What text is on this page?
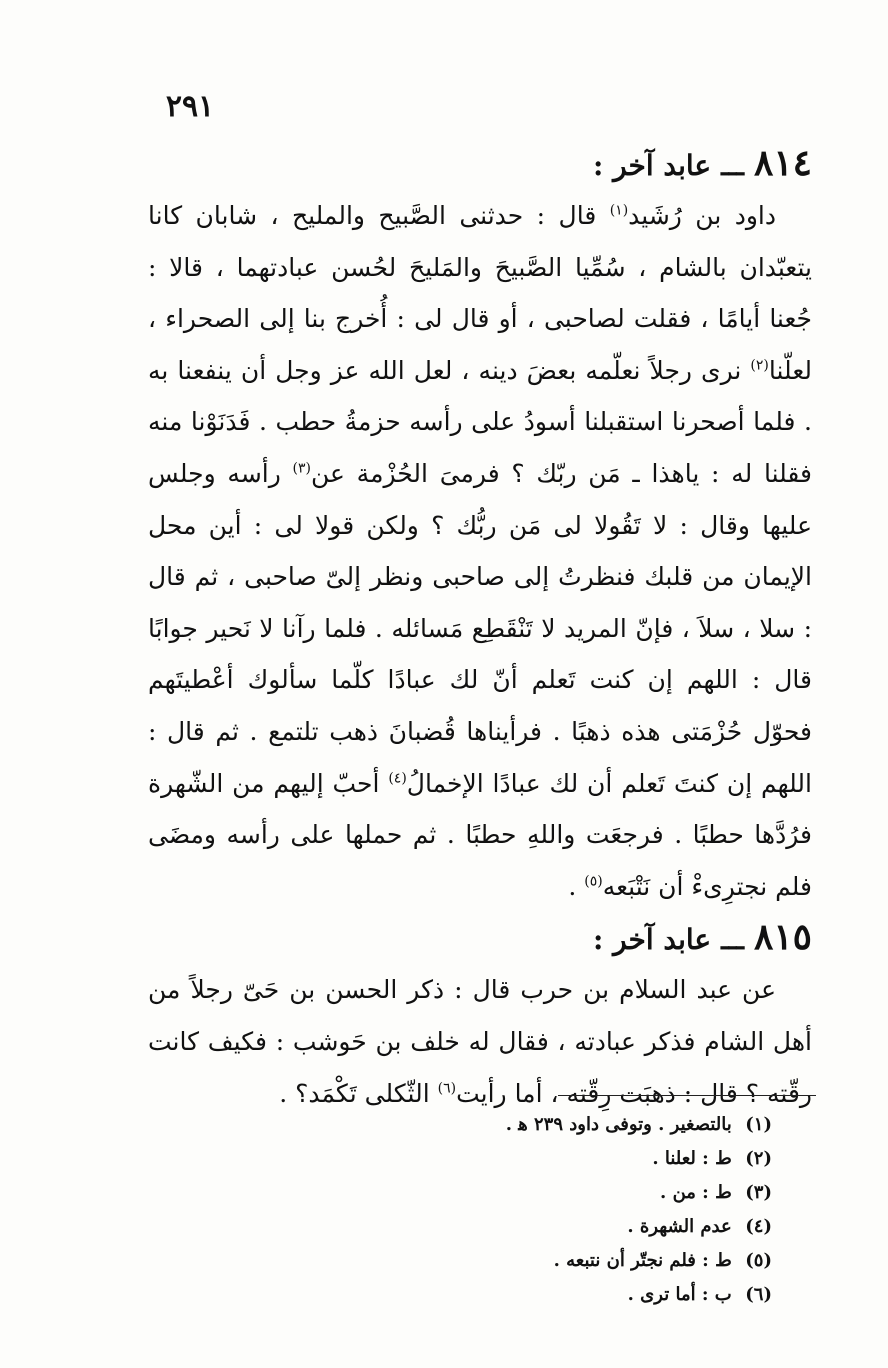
٢٩١
٨١٤
ـــ
عابد آخر :

داود بن رُشَيد$^{(١)}$ قال : حدثنى الصَّبيح والمليح ، شابان كانا يتعبّدان بالشام ، سُمِّيا الصَّبيحَ والمَليحَ لحُسن عبادتهما ، قالا : جُعنا أيامًا ، فقلت لصاحبى ، أو قال لى : أُخرج بنا إلى الصحراء ، لعلّنا$^{(٢)}$ نرى رجلاً نعلّمه بعضَ دينه ، لعل الله عز وجل أن ينفعنا به . فلما أصحرنا استقبلنا أسودُ على رأسه حزمةُ حطب . فَدَنَوْنا منه فقلنا له : ياهذا ـ مَن ربّك ؟ فرمىَ الحُزْمة عن$^{(٣)}$ رأسه وجلس عليها وقال : لا تَقُولا لى مَن ربُّك ؟ ولكن قولا لى : أين محل الإيمان من قلبك فنظرتُ إلى صاحبى ونظر إلىّ صاحبى ، ثم قال : سلا ، سلاَ ، فإنّ المريد لا تَنْقَطِع مَسائله . فلما رآنا لا نَحير جوابًا قال : اللهم إن كنت تَعلم أنّ لك عبادًا كلّما سألوك أعْطيتَهم فحوّل حُزْمَتى هذه ذهبًا . فرأيناها قُضبانَ ذهب تلتمع . ثم قال : اللهم إن كنتَ تَعلم أن لك عبادًا الإخمالُ$^{(٤)}$ أحبّ إليهم من الشّهرة فرُدَّها حطبًا . فرجعَت واللهِ حطبًا . ثم حملها على رأسه ومضَى فلم نجترِىءْ أن نَتْبَعه$^{(٥)}$ .

٨١٥
ـــ
عابد آخر :

عن عبد السلام بن حرب قال : ذكر الحسن بن حَىّ رجلاً من أهل الشام فذكر عبادته ، فقال له خلف بن حَوشب : فكيف كانت رقّته ؟ قال : ذهبَت رِقّته ، أما رأيت$^{(٦)}$ الثّكلى تَكْمَد؟ .

(١) بالتصغير . وتوفى داود ٢٣٩ ﻫ .
(٢) ط : لعلنا .
(٣) ط : من .
(٤) عدم الشهرة .
(٥) ط : فلم نجتّر أن نتبعه .
(٦) ب : أما ترى .
